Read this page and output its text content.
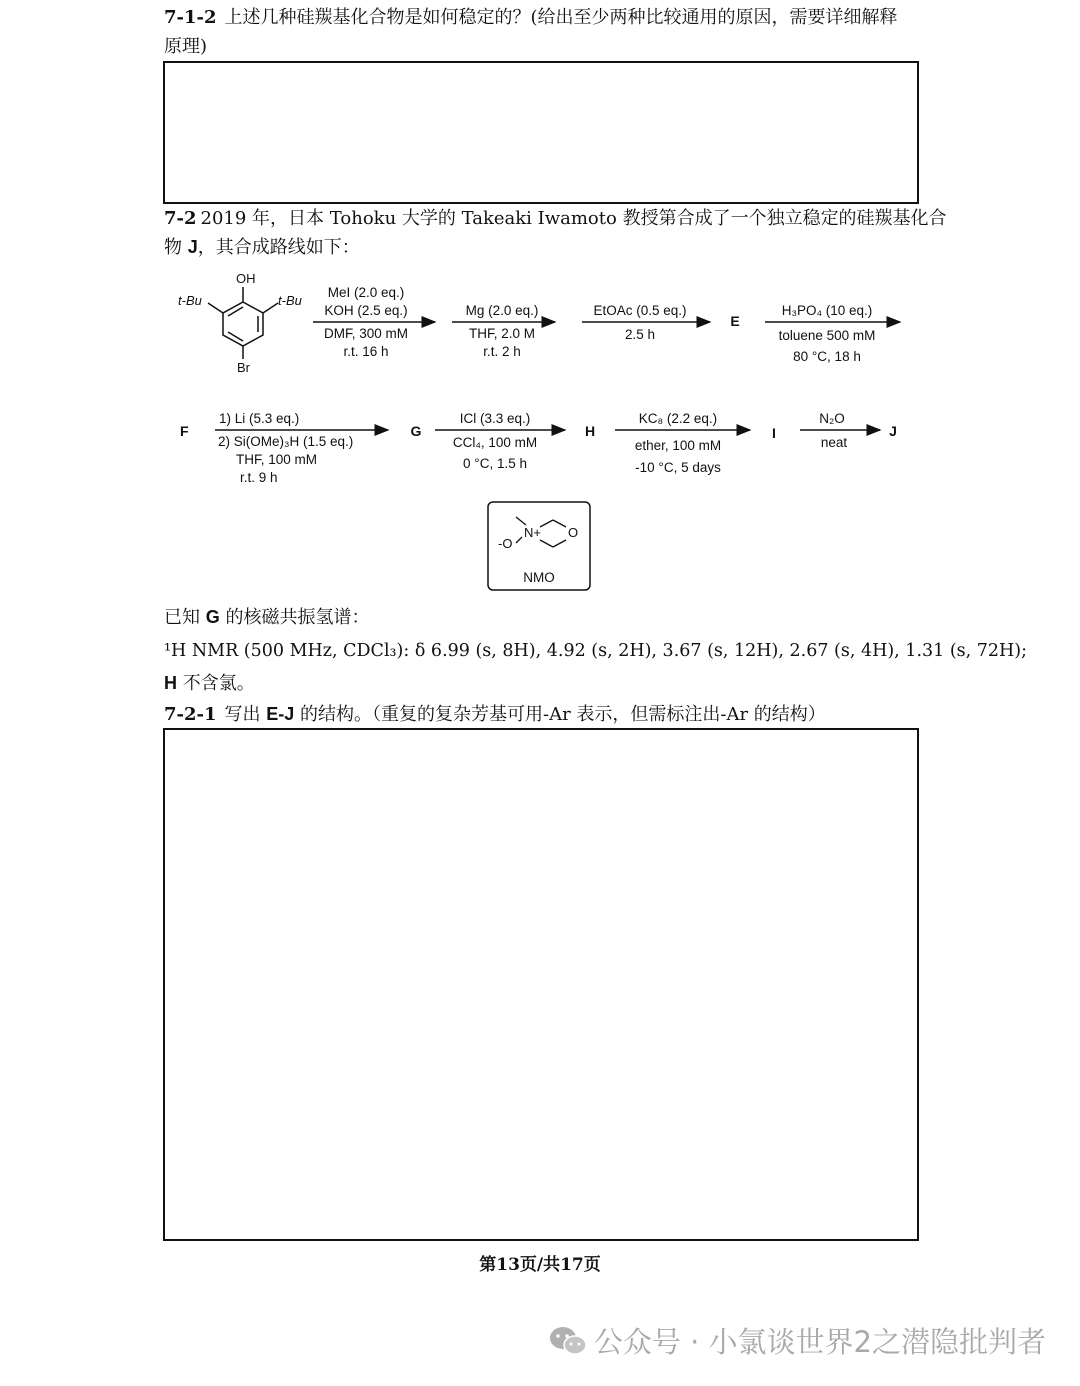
7-1-2 上述几种硅羰基化合物是如何稳定的？(给出至少两种比较通用的原因，需要详细解释
原理)
7-2 2019 年，日本 Tohoku 大学的 Takeaki Iwamoto 教授第合成了一个独立稳定的硅羰基化合
物 J，其合成路线如下：
OH
t-Bu	t-Bu
Br
MeI (2.0 eq.)
KOH (2.5 eq.)
DMF, 300 mM
r.t. 16 h
Mg (2.0 eq.)
THF, 2.0 M
r.t. 2 h
EtOAc (0.5 eq.)
2.5 h
E
H₃PO₄ (10 eq.)
toluene 500 mM
80 °C, 18 h
F
1) Li (5.3 eq.)
2) Si(OMe)₃H (1.5 eq.)
THF, 100 mM
r.t. 9 h
G
ICl (3.3 eq.)
CCl₄, 100 mM
0 °C, 1.5 h
H
KC₈ (2.2 eq.)
ether, 100 mM
-10 °C, 5 days
I
N₂O
neat
J
N+ O
-O
NMO
已知 G 的核磁共振氢谱：
¹H NMR (500 MHz, CDCl₃): δ 6.99 (s, 8H), 4.92 (s, 2H), 3.67 (s, 12H), 2.67 (s, 4H), 1.31 (s, 72H);
H 不含氯。
7-2-1 写出 E-J 的结构。（重复的复杂芳基可用-Ar 表示，但需标注出-Ar 的结构）
第13页/共17页
公众号 · 小氯谈世界2之潜隐批判者
